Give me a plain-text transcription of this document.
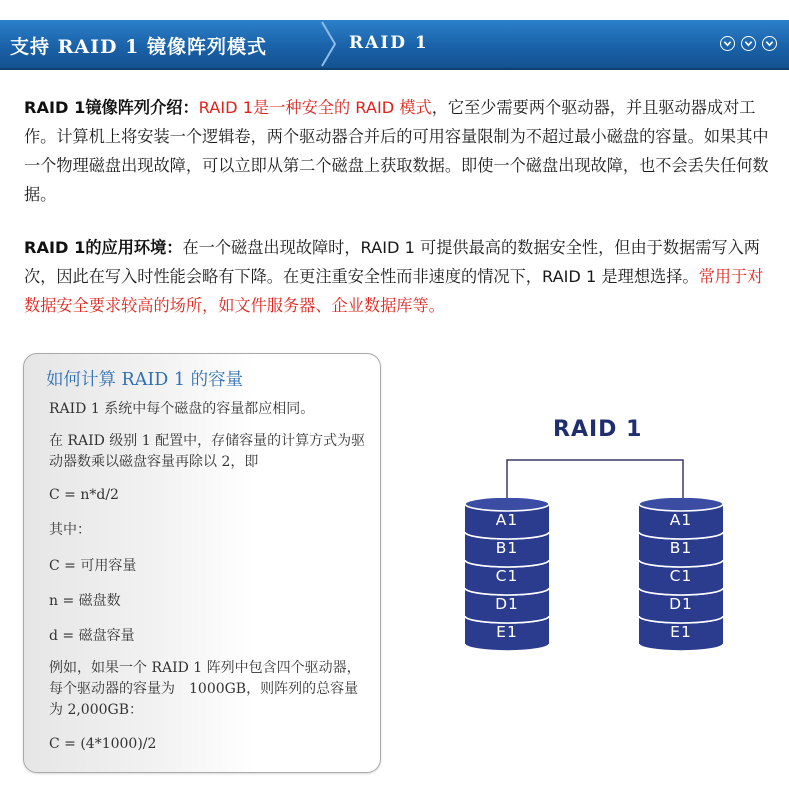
支持 RAID 1 镜像阵列模式	RAID 1

RAID 1镜像阵列介绍：RAID 1是一种安全的 RAID 模式，它至少需要两个驱动器，并且驱动器成对工作。计算机上将安装一个逻辑卷，两个驱动器合并后的可用容量限制为不超过最小磁盘的容量。如果其中一个物理磁盘出现故障，可以立即从第二个磁盘上获取数据。即使一个磁盘出现故障，也不会丢失任何数据。

RAID 1的应用环境：在一个磁盘出现故障时，RAID 1 可提供最高的数据安全性，但由于数据需写入两次，因此在写入时性能会略有下降。在更注重安全性而非速度的情况下，RAID 1 是理想选择。常用于对数据安全要求较高的场所，如文件服务器、企业数据库等。

如何计算 RAID 1 的容量

RAID 1 系统中每个磁盘的容量都应相同。

在 RAID 级别 1 配置中，存储容量的计算方式为驱动器数乘以磁盘容量再除以 2，即

C = n*d/2

其中：

C = 可用容量

n = 磁盘数

d = 磁盘容量

例如，如果一个 RAID 1 阵列中包含四个驱动器，每个驱动器的容量为　1000GB，则阵列的总容量为 2,000GB：

C = (4*1000)/2

RAID 1
A1
B1
C1
D1
E1
A1
B1
C1
D1
E1
